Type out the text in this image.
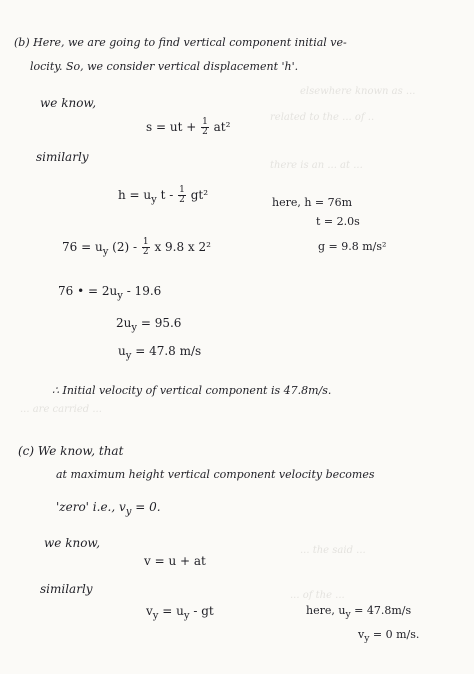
elsewhere known as ...
related to the ... of ..
there is an ... at ...
... are carried ...
... the said ...
... of the ...
(b) Here, we are going to find vertical component initial ve-
locity. So, we consider vertical displacement 'h'.
we know,
s = ut + $\frac{1}{2} at^2$
similarly
$h = u_y$ t - $\frac{1}{2} gt^2$
here, h = 76m
t = 2.0s
$76 = u_y$ $(2) - \frac{1}{2}$ x 9.8 x 2²	g = 9.8 m/s²
76 • = $2u_y - 19.6$
$2u_y = 95.6$
$u_y = 47.8$ m/s
∴ Initial velocity of vertical component is 47.8m/s.
(c) We know, that
at maximum height vertical component velocity becomes
'zero' i.e., $v_y = 0$.
we know,
v = u + at
similarly
$v_y = u_y$ - gt	here, $u_y = 47.8m/s$
$v_y = 0$ m/s.
